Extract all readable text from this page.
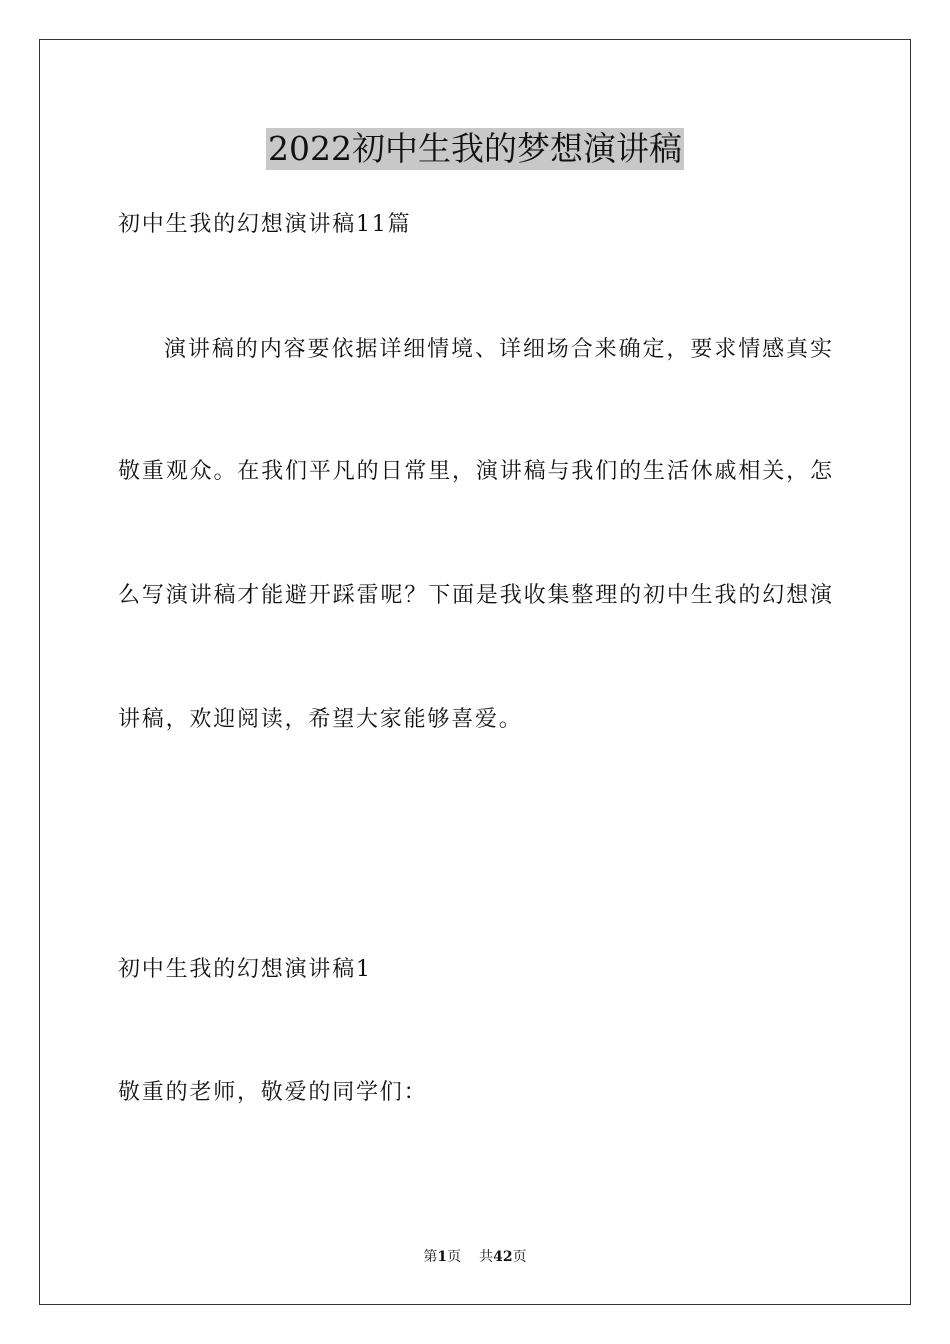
2022初中生我的梦想演讲稿
初中生我的幻想演讲稿11篇
演讲稿的内容要依据详细情境、详细场合来确定，要求情感真实
敬重观众。在我们平凡的日常里，演讲稿与我们的生活休戚相关，怎
么写演讲稿才能避开踩雷呢？下面是我收集整理的初中生我的幻想演
讲稿，欢迎阅读，希望大家能够喜爱。
初中生我的幻想演讲稿1
敬重的老师，敬爱的同学们：
第1页 共42页
